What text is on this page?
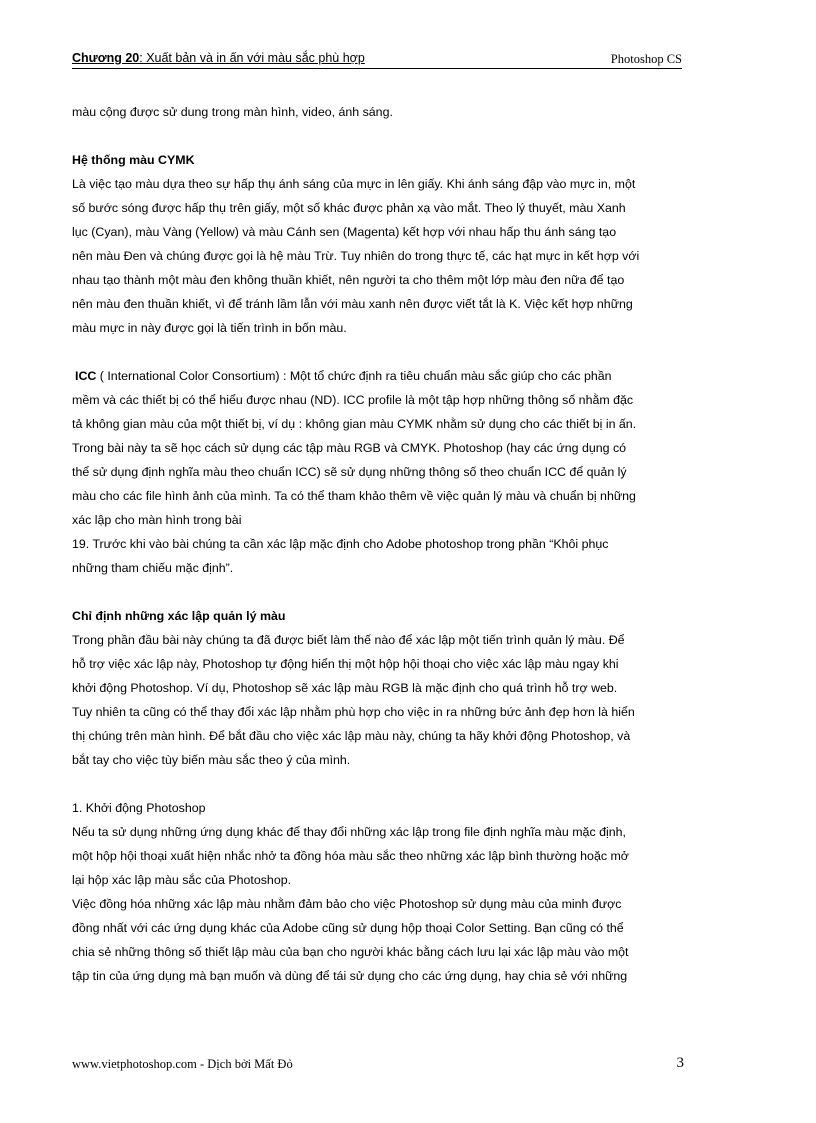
Chương 20: Xuất bản và in ấn với màu sắc phù hợp	Photoshop CS

màu cộng được sử dung trong màn hình, video, ánh sáng.

Hệ thống màu CYMK

Là việc tạo màu dựa theo sự hấp thụ ánh sáng của mực in lên giấy. Khi ánh sáng đập vào mực in, một

số bước sóng được hấp thụ trên giấy, một số khác được phản xạ vào mắt. Theo lý thuyết, màu Xanh

lục (Cyan), màu Vàng (Yellow) và màu Cánh sen (Magenta) kết hợp với nhau hấp thu ánh sáng tạo

nên màu Đen và chúng được gọi là hệ màu Trừ. Tuy nhiên do trong thực tế, các hạt mực in kết hợp với

nhau tạo thành một màu đen không thuần khiết, nên người ta cho thêm một lớp màu đen nữa để tạo

nên màu đen thuần khiết, vì để tránh lầm lẫn với màu xanh nên được viết tắt là K. Việc kết hợp những

màu mực in này được gọi là tiến trình in bốn màu.

ICC ( International Color Consortium) : Một tổ chức định ra tiêu chuẩn màu sắc giúp cho các phần

mềm và các thiết bị có thể hiểu được nhau (ND). ICC profile là một tập hợp những thông số nhằm đặc

tả không gian màu của một thiết bị, ví dụ : không gian màu CYMK nhằm sử dụng cho các thiết bị in ấn.

Trong bài này ta sẽ học cách sử dụng các tập màu RGB và CMYK. Photoshop (hay các ứng dụng có

thể sử dụng định nghĩa màu theo chuẩn ICC) sẽ sử dụng những thông số theo chuẩn ICC để quản lý

màu cho các file hình ảnh của mình. Ta có thể tham khảo thêm về việc quản lý màu và chuẩn bị những

xác lập cho màn hình trong bài

19. Trước khi vào bài chúng ta cần xác lập mặc định cho Adobe photoshop trong phần “Khôi phục

những tham chiếu mặc định”.

Chỉ định những xác lập quản lý màu

Trong phần đầu bài này chúng ta đã được biết làm thế nào để xác lập một tiến trình quản lý màu. Để

hỗ trợ việc xác lập này, Photoshop tự động hiển thị một hộp hội thoại cho việc xác lập màu ngay khi

khởi động Photoshop. Ví dụ, Photoshop sẽ xác lập màu RGB là mặc định cho quá trình hỗ trợ web.

Tuy nhiên ta cũng có thể thay đổi xác lập nhằm phù hợp cho việc in ra những bức ảnh đẹp hơn là hiển

thị chúng trên màn hình. Để bắt đầu cho việc xác lập màu này, chúng ta hãy khởi động Photoshop, và

bắt tay cho việc tùy biến màu sắc theo ý của mình.

1. Khởi động Photoshop

Nếu ta sử dụng những ứng dụng khác để thay đổi những xác lập trong file định nghĩa màu mặc định,

một hộp hội thoại xuất hiện nhắc nhở ta đồng hóa màu sắc theo những xác lập bình thường hoặc mở

lại hộp xác lập màu sắc của Photoshop.

Việc đồng hóa những xác lập màu nhằm đảm bảo cho việc Photoshop sử dụng màu của minh được

đồng nhất với các ứng dụng khác của Adobe cũng sử dụng hộp thoại Color Setting. Bạn cũng có thể

chia sẻ những thông số thiết lập màu của bạn cho người khác bằng cách lưu lại xác lập màu vào một

tập tin của ứng dụng mà bạn muốn và dùng để tái sử dụng cho các ứng dụng, hay chia sẻ với những

www.vietphotoshop.com - Dịch bởi Mất Đỏ	3
